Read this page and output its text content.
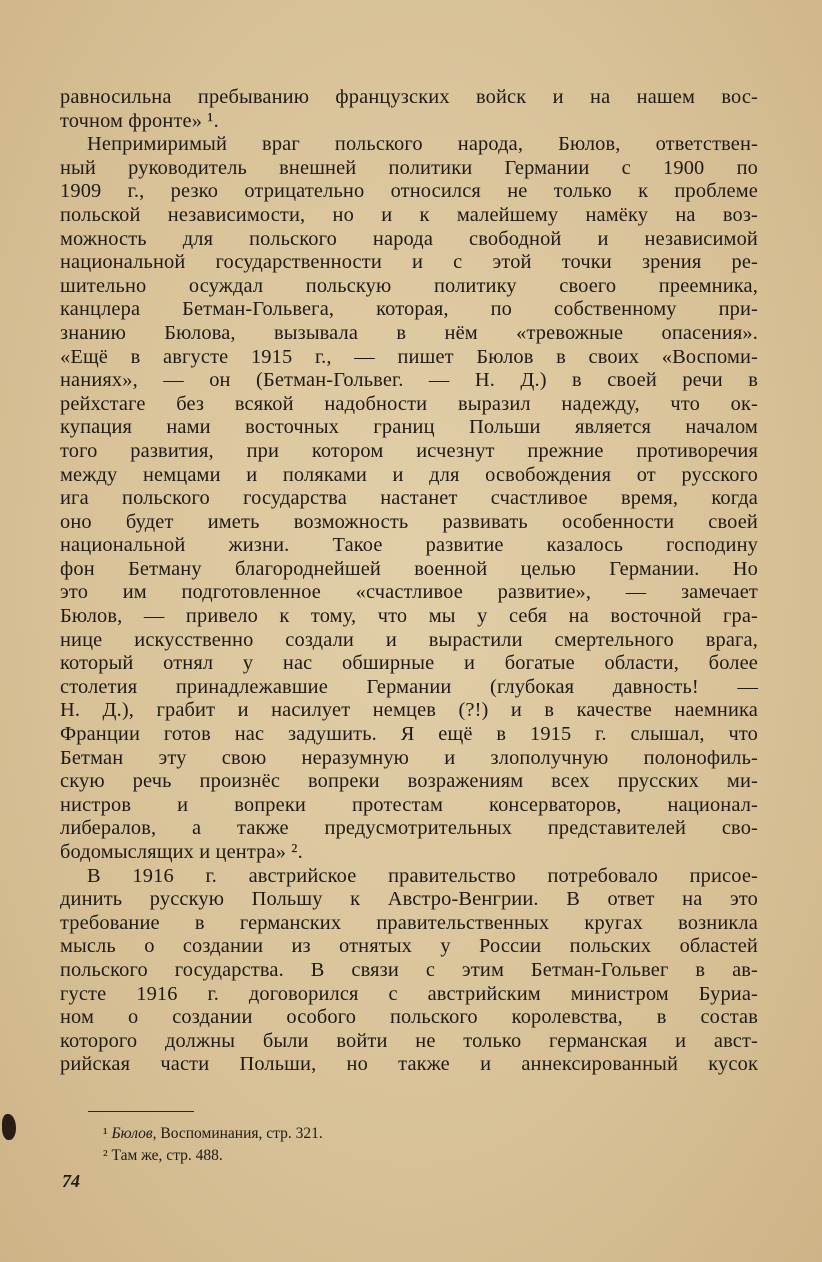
равносильна пребыванию французских войск и на нашем вос-
точном фронте» ¹.
Непримиримый враг польского народа, Бюлов, ответствен-
ный руководитель внешней политики Германии с 1900 по
1909 г., резко отрицательно относился не только к проблеме
польской независимости, но и к малейшему намёку на воз-
можность для польского народа свободной и независимой
национальной государственности и с этой точки зрения ре-
шительно осуждал польскую политику своего преемника,
канцлера Бетман-Гольвега, которая, по собственному при-
знанию Бюлова, вызывала в нём «тревожные опасения».
«Ещё в августе 1915 г., — пишет Бюлов в своих «Воспоми-
наниях», — он (Бетман-Гольвег. — Н. Д.) в своей речи в
рейхстаге без всякой надобности выразил надежду, что ок-
купация нами восточных границ Польши является началом
того развития, при котором исчезнут прежние противоречия
между немцами и поляками и для освобождения от русского
ига польского государства настанет счастливое время, когда
оно будет иметь возможность развивать особенности своей
национальной жизни. Такое развитие казалось господину
фон Бетману благороднейшей военной целью Германии. Но
это им подготовленное «счастливое развитие», — замечает
Бюлов, — привело к тому, что мы у себя на восточной гра-
нице искусственно создали и вырастили смертельного врага,
который отнял у нас обширные и богатые области, более
столетия принадлежавшие Германии (глубокая давность! —
Н. Д.), грабит и насилует немцев (?!) и в качестве наемника
Франции готов нас задушить. Я ещё в 1915 г. слышал, что
Бетман эту свою неразумную и злополучную полонофиль-
скую речь произнёс вопреки возражениям всех прусских ми-
нистров и вопреки протестам консерваторов, национал-
либералов, а также предусмотрительных представителей сво-
бодомыслящих и центра» ².
В 1916 г. австрийское правительство потребовало присое-
динить русскую Польшу к Австро-Венгрии. В ответ на это
требование в германских правительственных кругах возникла
мысль о создании из отнятых у России польских областей
польского государства. В связи с этим Бетман-Гольвег в ав-
густе 1916 г. договорился с австрийским министром Буриа-
ном о создании особого польского королевства, в состав
которого должны были войти не только германская и авст-
рийская части Польши, но также и аннексированный кусок
¹ Бюлов, Воспоминания, стр. 321.
² Там же, стр. 488.
74
